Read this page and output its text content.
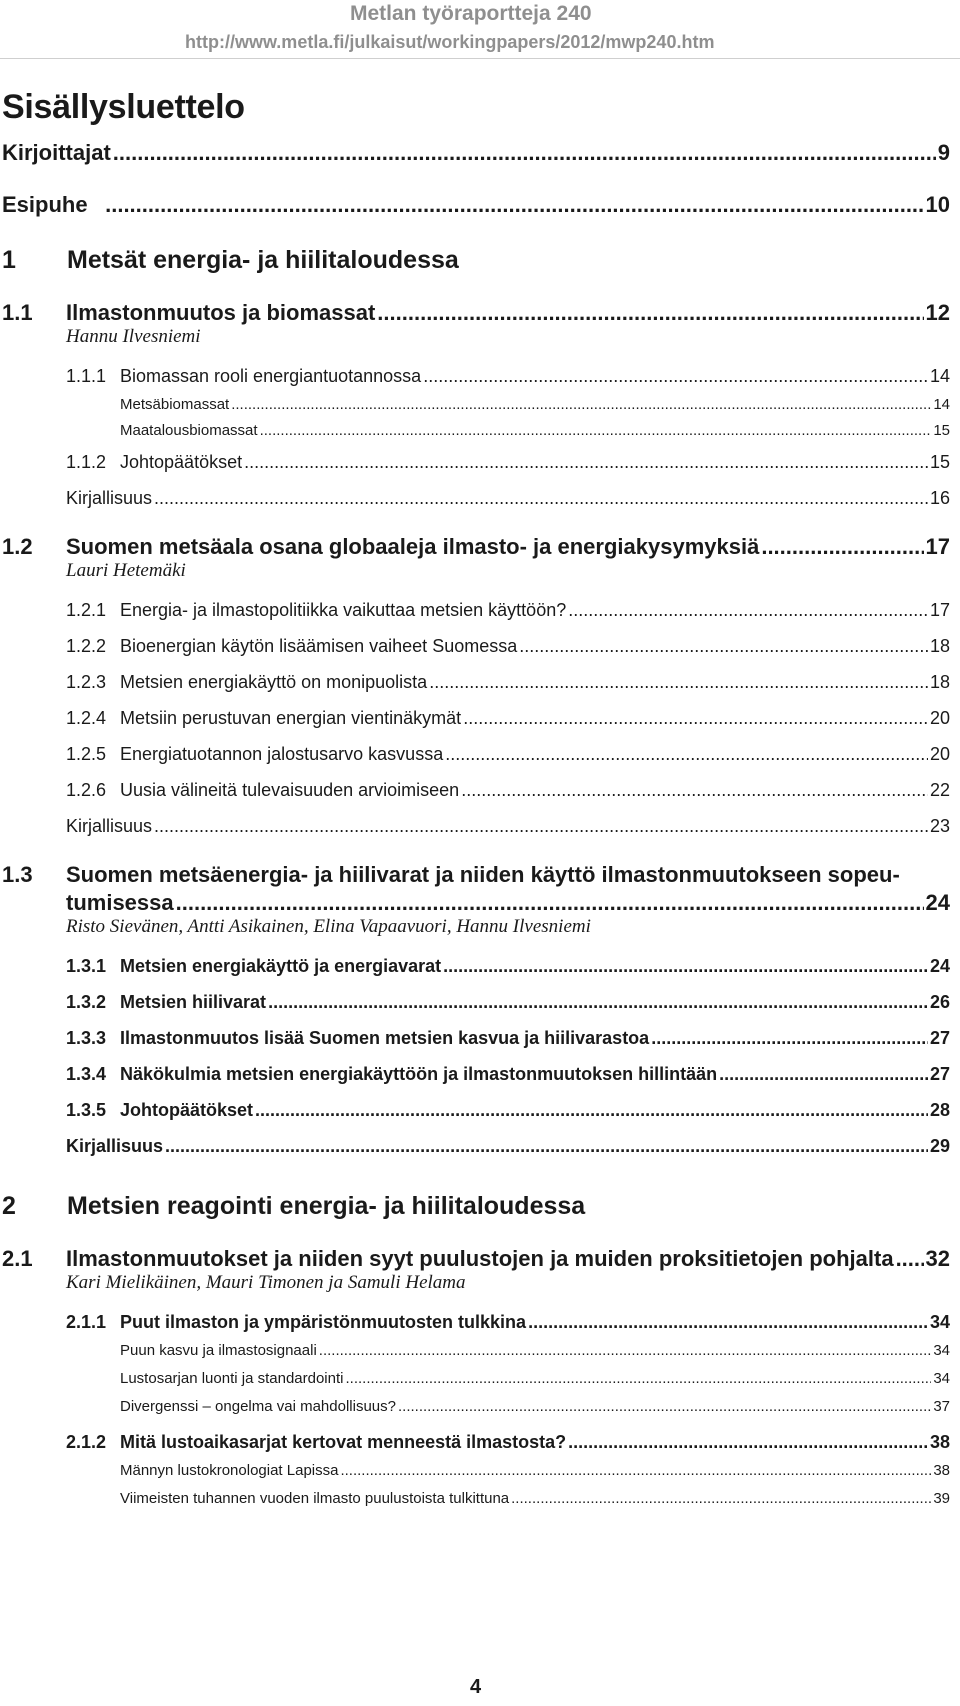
Metlan työraportteja 240
http://www.metla.fi/julkaisut/workingpapers/2012/mwp240.htm
Sisällysluettelo
Kirjoittajat .....	9
Esipuhe .....	10
1 Metsät energia- ja hiilitaloudessa
1.1	Ilmastonmuutos ja biomassat .....	12
Hannu Ilvesniemi
1.1.1 Biomassan rooli energiantuotannossa .....	14
Metsäbiomassat .....	14
Maatalousbiomassat .....	15
1.1.2 Johtopäätökset .....	15
Kirjallisuus .....	16
1.2	Suomen metsäala osana globaaleja ilmasto- ja energiakysymyksiä .....	17
Lauri Hetemäki
1.2.1 Energia- ja ilmastopolitiikka vaikuttaa metsien käyttöön? .....	17
1.2.2 Bioenergian käytön lisäämisen vaiheet Suomessa .....	18
1.2.3 Metsien energiakäyttö on monipuolista .....	18
1.2.4 Metsiin perustuvan energian vientinäkymät .....	20
1.2.5 Energiatuotannon jalostusarvo kasvussa .....	20
1.2.6 Uusia välineitä tulevaisuuden arvioimiseen .....	22
Kirjallisuus .....	23
1.3 Suomen metsäenergia- ja hiilivarat ja niiden käyttö ilmastonmuutokseen sopeu-
tumisessa .....	24
Risto Sievänen, Antti Asikainen, Elina Vapaavuori, Hannu Ilvesniemi
1.3.1 Metsien energiakäyttö ja energiavarat .....	24
1.3.2 Metsien hiilivarat .....	26
1.3.3 Ilmastonmuutos lisää Suomen metsien kasvua ja hiilivarastoa .....	27
1.3.4 Näkökulmia metsien energiakäyttöön ja ilmastonmuutoksen hillintään .....	27
1.3.5 Johtopäätökset .....	28
Kirjallisuus .....	29
2 Metsien reagointi energia- ja hiilitaloudessa
2.1	Ilmastonmuutokset ja niiden syyt puulustojen ja muiden proksitietojen pohjalta ..... 32
Kari Mielikäinen, Mauri Timonen ja Samuli Helama
2.1.1 Puut ilmaston ja ympäristönmuutosten tulkkina .....	34
Puun kasvu ja ilmastosignaali .....	34
Lustosarjan luonti ja standardointi .....	34
Divergenssi – ongelma vai mahdollisuus? .....	37
2.1.2 Mitä lustoaikasarjat kertovat menneestä ilmastosta? .....	38
Männyn lustokronologiat Lapissa .....	38
Viimeisten tuhannen vuoden ilmasto puulustoista tulkittuna .....	39
4
